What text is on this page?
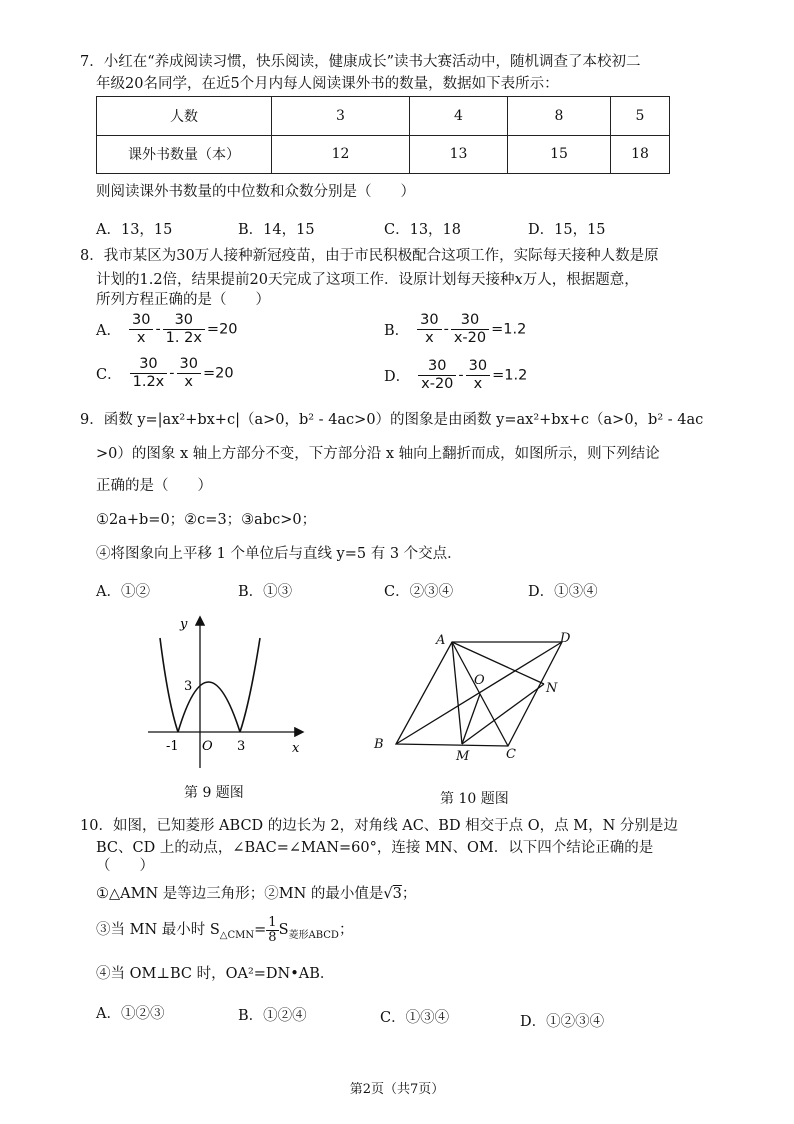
7．小红在“养成阅读习惯，快乐阅读，健康成长”读书大赛活动中，随机调查了本校初二
年级20名同学，在近5个月内每人阅读课外书的数量，数据如下表所示：
人数	3	4	8	5
课外书数量（本）	12	13	15	18
则阅读课外书数量的中位数和众数分别是（　　）
A．13，15	B．14，15	C．13，18	D．15，15
8．我市某区为30万人接种新冠疫苗，由于市民积极配合这项工作，实际每天接种人数是原
计划的1.2倍，结果提前20天完成了这项工作．设原计划每天接种x万人，根据题意，
所列方程正确的是（　　）
A． $\frac{30}{x} - \frac{30}{1. 2x} =20$	B． $\frac{30}{x} - \frac{30}{x-20} =1.2$
C． $\frac{30}{1.2x} - \frac{30}{x} =20$	D． $\frac{30}{x-20} - \frac{30}{x} =1.2$
9．函数 y=|ax²+bx+c|（a>0，b² - 4ac>0）的图象是由函数 y=ax²+bx+c（a>0，b² - 4ac
>0）的图象 x 轴上方部分不变，下方部分沿 x 轴向上翻折而成，如图所示，则下列结论
正确的是（　　）
①2a+b=0；②c=3；③abc>0；
④将图象向上平移 1 个单位后与直线 y=5 有 3 个交点．
A．①②	B．①③	C．②③④	D．①③④
y
x
3
-1 O 3
第 9 题图
A	D
B
C
M
N
O
第 10 题图
10．如图，已知菱形 ABCD 的边长为 2，对角线 AC、BD 相交于点 O，点 M，N 分别是边
BC、CD 上的动点，∠BAC=∠MAN=60°，连接 MN、OM．以下四个结论正确的是
（　　）
①△AMN 是等边三角形；②MN 的最小值是√3；
③当 MN 最小时 $S_{\triangle CMN}= \frac{1}{8} S_{菱形ABCD}$；
④当 OM⊥BC 时，OA²=DN•AB．
A．①②③	B．①②④	C．①③④	D．①②③④
第2页（共7页）
